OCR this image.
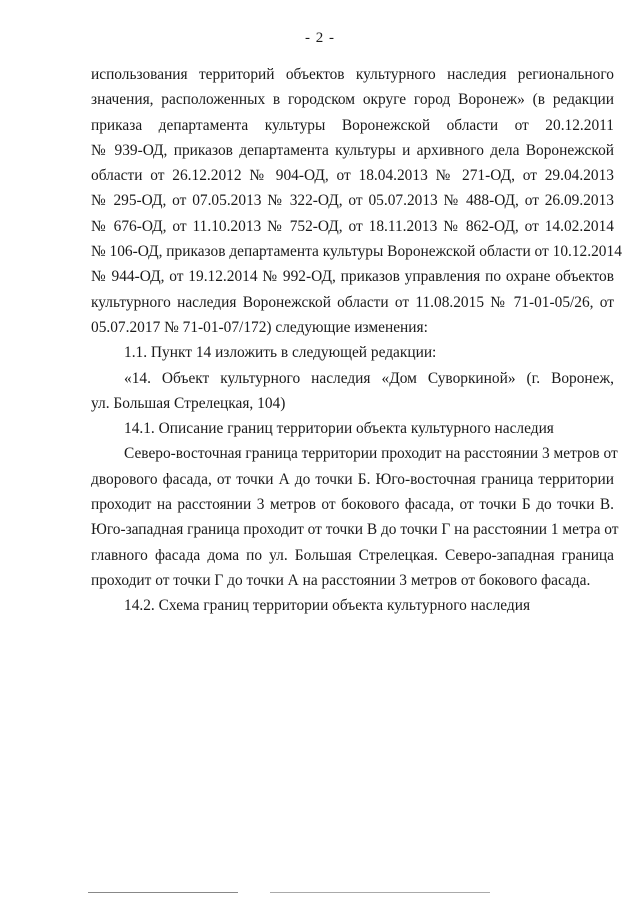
- 2 -
использования территорий объектов культурного наследия регионального
значения, расположенных в городском округе город Воронеж» (в редакции
приказа департамента культуры Воронежской области от 20.12.2011
№ 939-ОД, приказов департамента культуры и архивного дела Воронежской
области от 26.12.2012 № 904-ОД, от 18.04.2013 № 271-ОД, от 29.04.2013
№ 295-ОД, от 07.05.2013 № 322-ОД, от 05.07.2013 № 488-ОД, от 26.09.2013
№ 676-ОД, от 11.10.2013 № 752-ОД, от 18.11.2013 № 862-ОД, от 14.02.2014
№ 106-ОД, приказов департамента культуры Воронежской области от 10.12.2014
№ 944-ОД, от 19.12.2014 № 992-ОД, приказов управления по охране объектов
культурного наследия Воронежской области от 11.08.2015 № 71-01-05/26, от
05.07.2017 № 71-01-07/172) следующие изменения:
1.1. Пункт 14 изложить в следующей редакции:
«14. Объект культурного наследия «Дом Суворкиной» (г. Воронеж,
ул. Большая Стрелецкая, 104)
14.1. Описание границ территории объекта культурного наследия
Северо-восточная граница территории проходит на расстоянии 3 метров от
дворового фасада, от точки А до точки Б. Юго-восточная граница территории
проходит на расстоянии 3 метров от бокового фасада, от точки Б до точки В.
Юго-западная граница проходит от точки В до точки Г на расстоянии 1 метра от
главного фасада дома по ул. Большая Стрелецкая. Северо-западная граница
проходит от точки Г до точки А на расстоянии 3 метров от бокового фасада.
14.2. Схема границ территории объекта культурного наследия
